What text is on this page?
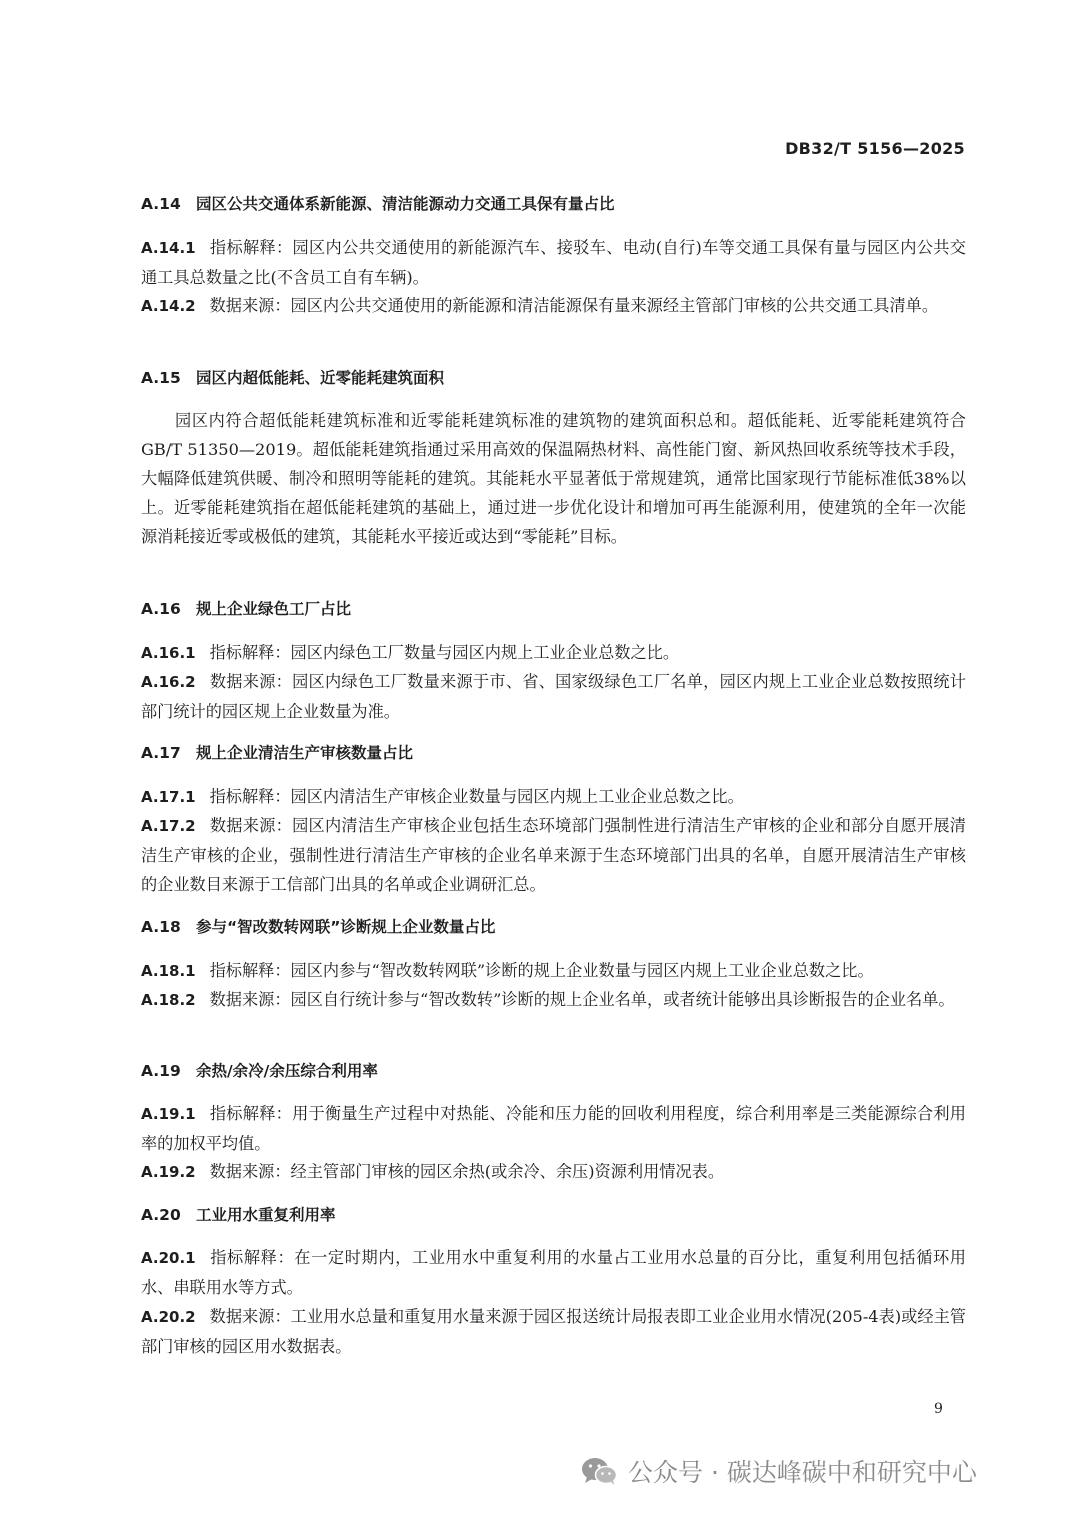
DB32/T 5156—2025
A.14 园区公共交通体系新能源、清洁能源动力交通工具保有量占比
A.14.1 指标解释：园区内公共交通使用的新能源汽车、接驳车、电动(自行)车等交通工具保有量与园区内公共交通工具总数量之比(不含员工自有车辆)。
A.14.2 数据来源：园区内公共交通使用的新能源和清洁能源保有量来源经主管部门审核的公共交通工具清单。
A.15 园区内超低能耗、近零能耗建筑面积
园区内符合超低能耗建筑标准和近零能耗建筑标准的建筑物的建筑面积总和。超低能耗、近零能耗建筑符合GB/T 51350—2019。超低能耗建筑指通过采用高效的保温隔热材料、高性能门窗、新风热回收系统等技术手段，大幅降低建筑供暖、制冷和照明等能耗的建筑。其能耗水平显著低于常规建筑，通常比国家现行节能标准低38%以上。近零能耗建筑指在超低能耗建筑的基础上，通过进一步优化设计和增加可再生能源利用，使建筑的全年一次能源消耗接近零或极低的建筑，其能耗水平接近或达到“零能耗”目标。
A.16 规上企业绿色工厂占比
A.16.1 指标解释：园区内绿色工厂数量与园区内规上工业企业总数之比。
A.16.2 数据来源：园区内绿色工厂数量来源于市、省、国家级绿色工厂名单，园区内规上工业企业总数按照统计部门统计的园区规上企业数量为准。
A.17 规上企业清洁生产审核数量占比
A.17.1 指标解释：园区内清洁生产审核企业数量与园区内规上工业企业总数之比。
A.17.2 数据来源：园区内清洁生产审核企业包括生态环境部门强制性进行清洁生产审核的企业和部分自愿开展清洁生产审核的企业，强制性进行清洁生产审核的企业名单来源于生态环境部门出具的名单，自愿开展清洁生产审核的企业数目来源于工信部门出具的名单或企业调研汇总。
A.18 参与“智改数转网联”诊断规上企业数量占比
A.18.1 指标解释：园区内参与“智改数转网联”诊断的规上企业数量与园区内规上工业企业总数之比。
A.18.2 数据来源：园区自行统计参与“智改数转”诊断的规上企业名单，或者统计能够出具诊断报告的企业名单。
A.19 余热/余冷/余压综合利用率
A.19.1 指标解释：用于衡量生产过程中对热能、冷能和压力能的回收利用程度，综合利用率是三类能源综合利用率的加权平均值。
A.19.2 数据来源：经主管部门审核的园区余热(或余冷、余压)资源利用情况表。
A.20 工业用水重复利用率
A.20.1 指标解释：在一定时期内，工业用水中重复利用的水量占工业用水总量的百分比，重复利用包括循环用水、串联用水等方式。
A.20.2 数据来源：工业用水总量和重复用水量来源于园区报送统计局报表即工业企业用水情况(205-4表)或经主管部门审核的园区用水数据表。
9
公众号 · 碳达峰碳中和研究中心
